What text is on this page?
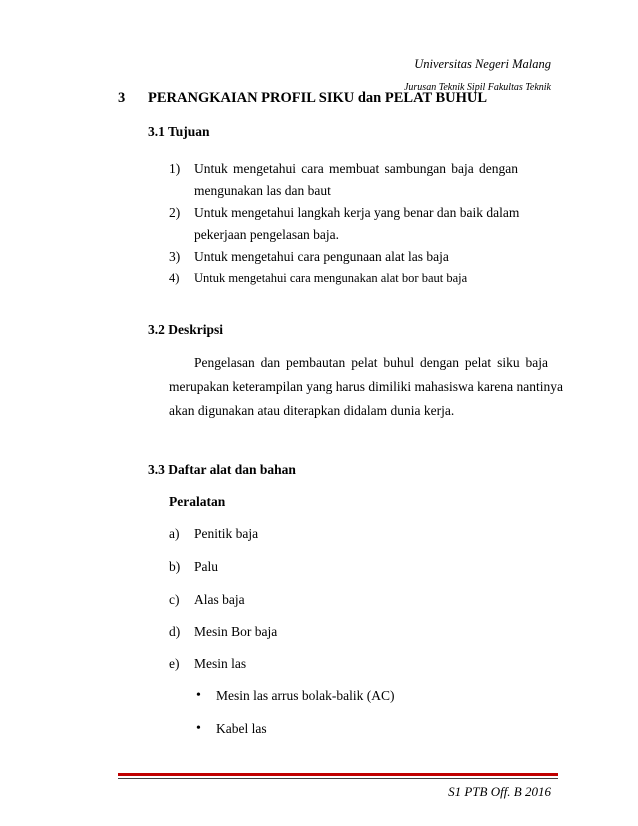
Universitas Negeri Malang
Jurusan Teknik Sipil Fakultas Teknik
3 PERANGKAIAN PROFIL SIKU dan PELAT BUHUL
3.1 Tujuan
1) Untuk mengetahui cara membuat sambungan baja dengan
mengunakan las dan baut
2) Untuk mengetahui langkah kerja yang benar dan baik dalam
pekerjaan pengelasan baja.
3) Untuk mengetahui cara pengunaan alat las baja
4) Untuk mengetahui cara mengunakan alat bor baut baja
3.2 Deskripsi
Pengelasan dan pembautan pelat buhul dengan pelat siku baja
merupakan keterampilan yang harus dimiliki mahasiswa karena nantinya
akan digunakan atau diterapkan didalam dunia kerja.
3.3 Daftar alat dan bahan
Peralatan
a) Penitik baja
b) Palu
c) Alas baja
d) Mesin Bor baja
e) Mesin las
• Mesin las arrus bolak-balik (AC)
• Kabel las
S1 PTB Off. B 2016
